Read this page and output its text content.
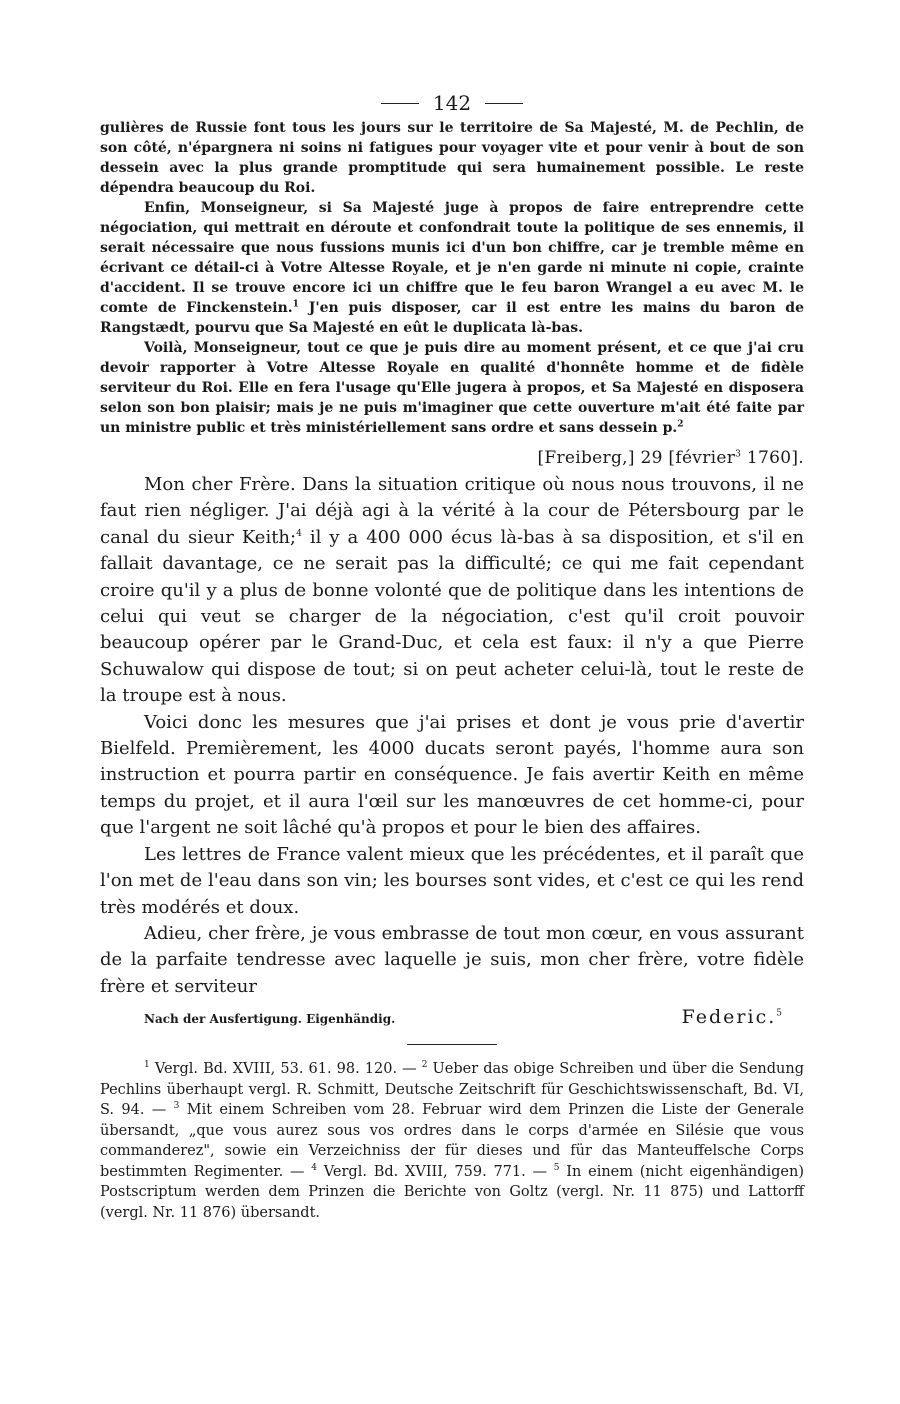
142

gulières de Russie font tous les jours sur le territoire de Sa Majesté, M. de Pechlin, de son côté, n'épargnera ni soins ni fatigues pour voyager vite et pour venir à bout de son dessein avec la plus grande promptitude qui sera humainement possible. Le reste dépendra beaucoup du Roi.

Enfin, Monseigneur, si Sa Majesté juge à propos de faire entreprendre cette négociation, qui mettrait en déroute et confondrait toute la politique de ses ennemis, il serait nécessaire que nous fussions munis ici d'un bon chiffre, car je tremble même en écrivant ce détail-ci à Votre Altesse Royale, et je n'en garde ni minute ni copie, crainte d'accident. Il se trouve encore ici un chiffre que le feu baron Wrangel a eu avec M. le comte de Finckenstein.$^1$ J'en puis disposer, car il est entre les mains du baron de Rangstædt, pourvu que Sa Majesté en eût le duplicata là-bas.

Voilà, Monseigneur, tout ce que je puis dire au moment présent, et ce que j'ai cru devoir rapporter à Votre Altesse Royale en qualité d'honnête homme et de fidèle serviteur du Roi. Elle en fera l'usage qu'Elle jugera à propos, et Sa Majesté en disposera selon son bon plaisir; mais je ne puis m'imaginer que cette ouverture m'ait été faite par un ministre public et très ministériellement sans ordre et sans dessein p.$^2$

[Freiberg,] 29 [février$^3$ 1760].

Mon cher Frère. Dans la situation critique où nous nous trouvons, il ne faut rien négliger. J'ai déjà agi à la vérité à la cour de Pétersbourg par le canal du sieur Keith;$^4$ il y a 400 000 écus là-bas à sa disposition, et s'il en fallait davantage, ce ne serait pas la difficulté; ce qui me fait cependant croire qu'il y a plus de bonne volonté que de politique dans les intentions de celui qui veut se charger de la négociation, c'est qu'il croit pouvoir beaucoup opérer par le Grand-Duc, et cela est faux: il n'y a que Pierre Schuwalow qui dispose de tout; si on peut acheter celui-là, tout le reste de la troupe est à nous.

Voici donc les mesures que j'ai prises et dont je vous prie d'avertir Bielfeld. Premièrement, les 4000 ducats seront payés, l'homme aura son instruction et pourra partir en conséquence. Je fais avertir Keith en même temps du projet, et il aura l'œil sur les manœuvres de cet homme-ci, pour que l'argent ne soit lâché qu'à propos et pour le bien des affaires.

Les lettres de France valent mieux que les précédentes, et il paraît que l'on met de l'eau dans son vin; les bourses sont vides, et c'est ce qui les rend très modérés et doux.

Adieu, cher frère, je vous embrasse de tout mon cœur, en vous assurant de la parfaite tendresse avec laquelle je suis, mon cher frère, votre fidèle frère et serviteur

Nach der Ausfertigung. Eigenhändig.	Federic.$^5$

$^1$ Vergl. Bd. XVIII, 53. 61. 98. 120. — $^2$ Ueber das obige Schreiben und über die Sendung Pechlins überhaupt vergl. R. Schmitt, Deutsche Zeitschrift für Geschichtswissenschaft, Bd. VI, S. 94. — $^3$ Mit einem Schreiben vom 28. Februar wird dem Prinzen die Liste der Generale übersandt, „que vous aurez sous vos ordres dans le corps d'armée en Silésie que vous commanderez", sowie ein Verzeichniss der für dieses und für das Manteuffelsche Corps bestimmten Regimenter. — $^4$ Vergl. Bd. XVIII, 759. 771. — $^5$ In einem (nicht eigenhändigen) Postscriptum werden dem Prinzen die Berichte von Goltz (vergl. Nr. 11 875) und Lattorff (vergl. Nr. 11 876) übersandt.
